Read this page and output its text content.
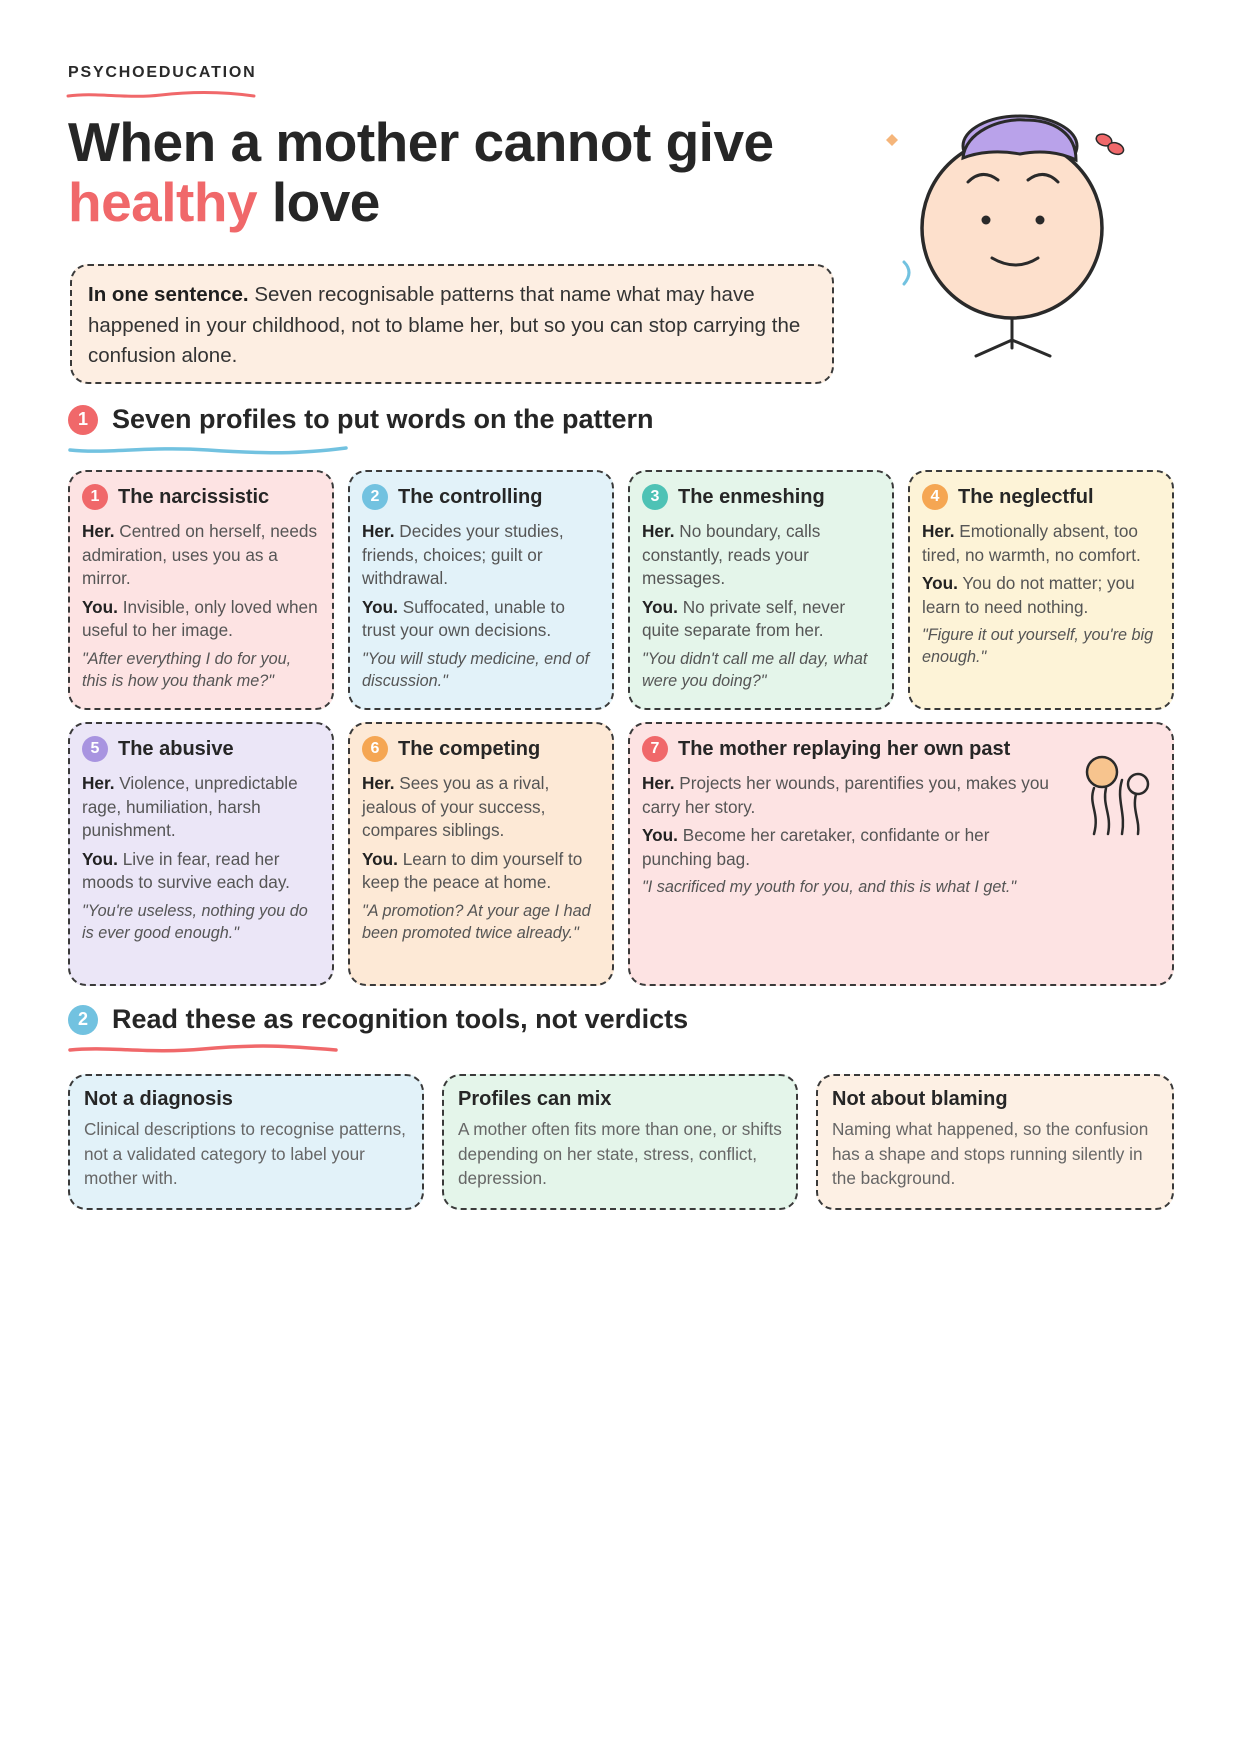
PSYCHOEDUCATION
When a mother cannot give
healthy love
In one sentence. Seven recognisable patterns that name what may have happened in your childhood, not to blame her, but so you can stop carrying the confusion alone.
1 Seven profiles to put words on the pattern
1 The narcissistic
Her. Centred on herself, needs admiration, uses you as a mirror.
You. Invisible, only loved when useful to her image.
"After everything I do for you, this is how you thank me?"
2 The controlling
Her. Decides your studies, friends, choices; guilt or withdrawal.
You. Suffocated, unable to trust your own decisions.
"You will study medicine, end of discussion."
3 The enmeshing
Her. No boundary, calls constantly, reads your messages.
You. No private self, never quite separate from her.
"You didn't call me all day, what were you doing?"
4 The neglectful
Her. Emotionally absent, too tired, no warmth, no comfort.
You. You do not matter; you learn to need nothing.
"Figure it out yourself, you're big enough."
5 The abusive
Her. Violence, unpredictable rage, humiliation, harsh punishment.
You. Live in fear, read her moods to survive each day.
"You're useless, nothing you do is ever good enough."
6 The competing
Her. Sees you as a rival, jealous of your success, compares siblings.
You. Learn to dim yourself to keep the peace at home.
"A promotion? At your age I had been promoted twice already."
7 The mother replaying her own past
Her. Projects her wounds, parentifies you, makes you carry her story.
You. Become her caretaker, confidante or her punching bag.
"I sacrificed my youth for you, and this is what I get."
2 Read these as recognition tools, not verdicts
Not a diagnosis
Clinical descriptions to recognise patterns, not a validated category to label your mother with.
Profiles can mix
A mother often fits more than one, or shifts depending on her state, stress, conflict, depression.
Not about blaming
Naming what happened, so the confusion has a shape and stops running silently in the background.
